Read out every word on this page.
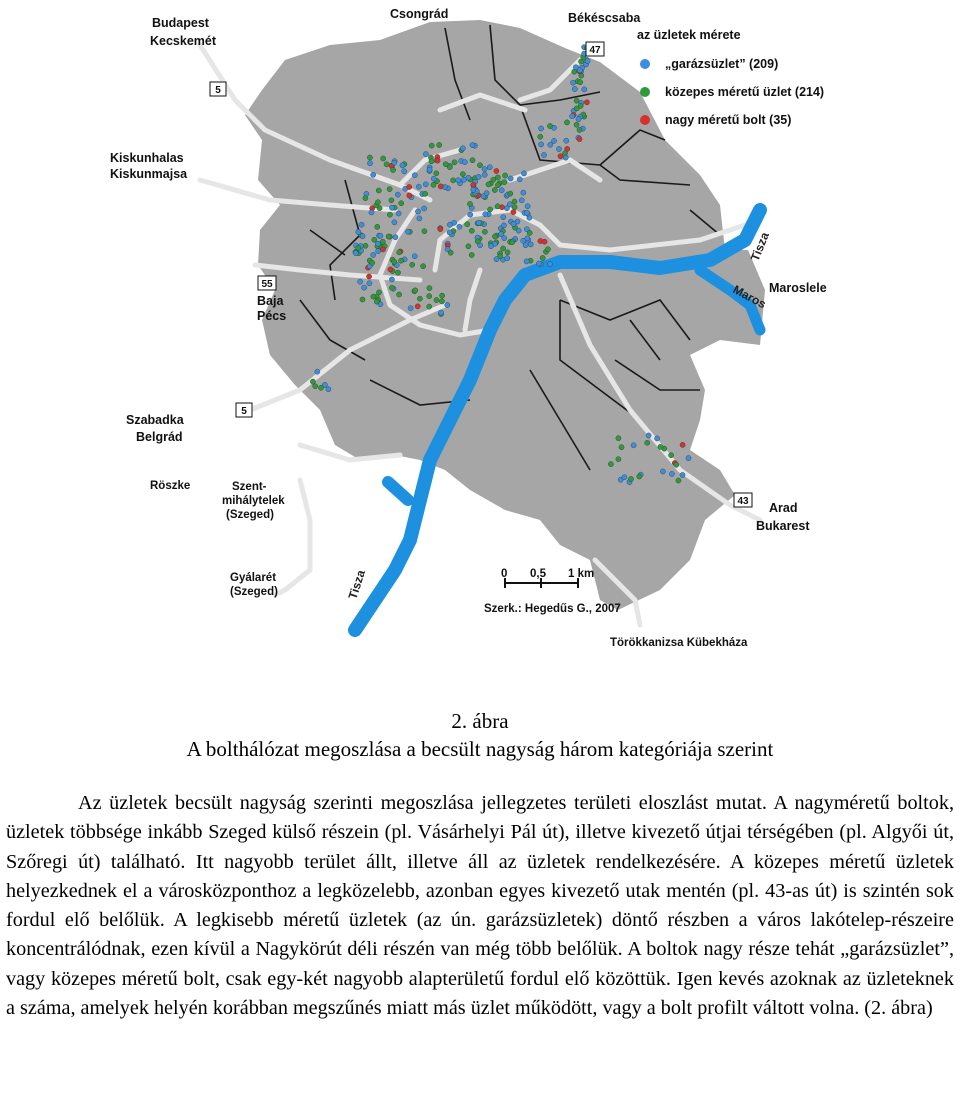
5
55
5
47
43
Budapest
Kecskemét
Csongrád	Békéscsaba
Kiskunhalas
Kiskunmajsa
Baja
Pécs
Szabadka
Belgrád
Röszke	Szent-
mihálytelek
(Szeged)
Gyálarét
(Szeged)
Maroslele
Arad
Bukarest
Törökkanizsa Kübekháza
Tisza
Maros
Tisza
az üzletek mérete
„garázsüzlet” (209)
közepes méretű üzlet (214)
nagy méretű bolt (35)
0 0,5 1 km
Szerk.: Hegedűs G., 2007
2. ábra
A bolthálózat megoszlása a becsült nagyság három kategóriája szerint

Az üzletek becsült nagyság szerinti megoszlása jellegzetes területi eloszlást mutat. A nagyméretű boltok, üzletek többsége inkább Szeged külső részein (pl. Vásárhelyi Pál út), illetve kivezető útjai térségében (pl. Algyői út, Szőregi út) található. Itt nagyobb terület állt, illetve áll az üzletek rendelkezésére. A közepes méretű üzletek helyezkednek el a városközponthoz a legközelebb, azonban egyes kivezető utak mentén (pl. 43-as út) is szintén sok fordul elő belőlük. A legkisebb méretű üzletek (az ún. garázsüzletek) döntő részben a város lakótelep-részeire koncentrálódnak, ezen kívül a Nagykörút déli részén van még több belőlük. A boltok nagy része tehát „garázsüzlet”, vagy közepes méretű bolt, csak egy-két nagyobb alapterületű fordul elő közöttük. Igen kevés azoknak az üzleteknek a száma, amelyek helyén korábban megszűnés miatt más üzlet működött, vagy a bolt profilt váltott volna. (2. ábra)
